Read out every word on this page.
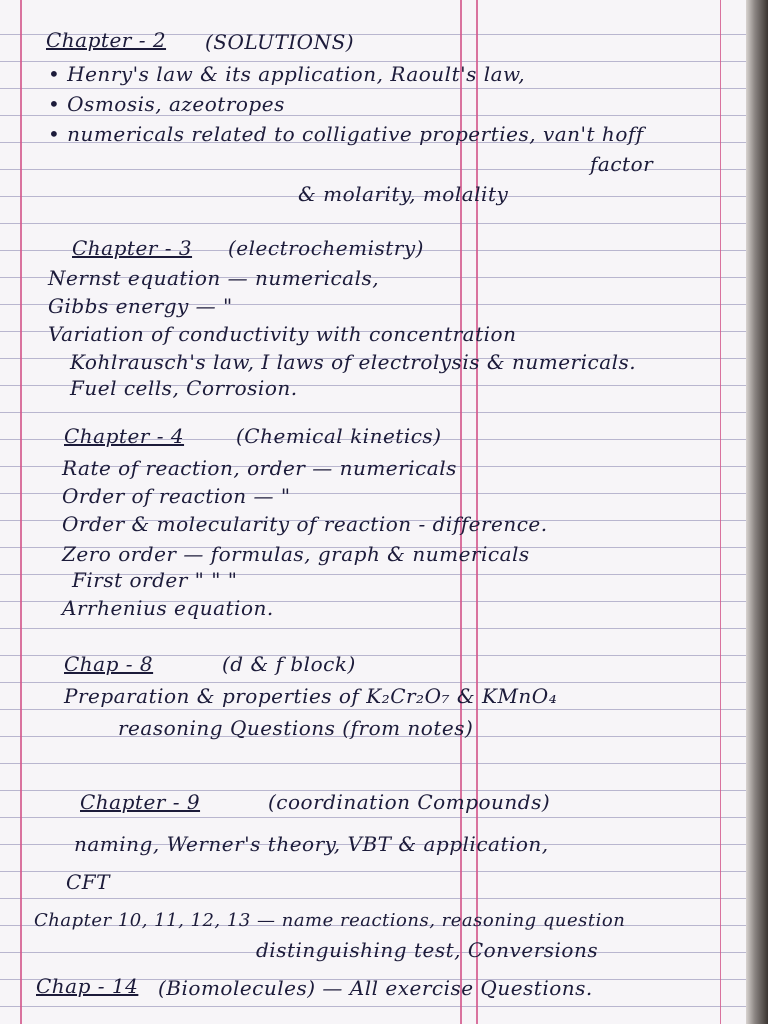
Chapter - 2 (SOLUTIONS)
• Henry's law & its application, Raoult's law,
• Osmosis, azeotropes
• numericals related to colligative properties, van't hoff
factor
& molarity, molality
Chapter - 3 (electrochemistry)
Nernst equation — numericals,
Gibbs energy — "
Variation of conductivity with concentration
Kohlrausch's law, I laws of electrolysis & numericals.
Fuel cells, Corrosion.
Chapter - 4	(Chemical kinetics)
Rate of reaction, order — numericals
Order of reaction — "
Order & molecularity of reaction - difference.
Zero order — formulas, graph & numericals
First order " " "
Arrhenius equation.
Chap - 8	(d & f block)
Preparation & properties of K₂Cr₂O₇ & KMnO₄
reasoning Questions (from notes)
Chapter - 9	(coordination Compounds)
naming, Werner's theory, VBT & application,
CFT
Chapter 10, 11, 12, 13 — name reactions, reasoning question
distinguishing test, Conversions
Chap - 14 (Biomolecules) — All exercise Questions.
